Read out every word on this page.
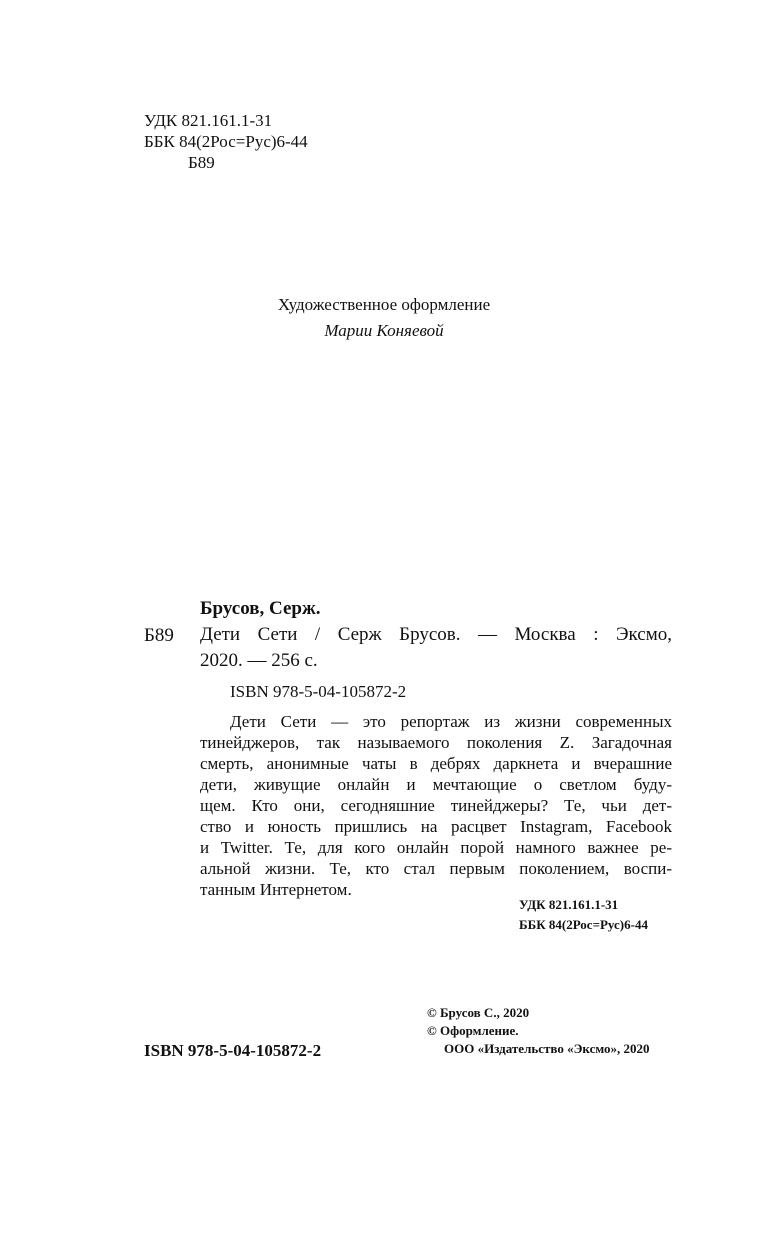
УДК 821.161.1-31
ББК 84(2Рос=Рус)6-44
Б89
Художественное оформление
Марии Коняевой
Брусов, Серж.
Б89 Дети Сети / Серж Брусов. — Москва : Эксмо,
2020. — 256 с.
ISBN 978-5-04-105872-2
Дети Сети — это репортаж из жизни современных
тинейджеров, так называемого поколения Z. Загадочная
смерть, анонимные чаты в дебрях даркнета и вчерашние
дети, живущие онлайн и мечтающие о светлом буду-
щем. Кто они, сегодняшние тинейджеры? Те, чьи дет-
ство и юность пришлись на расцвет Instagram, Facebook
и Twitter. Те, для кого онлайн порой намного важнее ре-
альной жизни. Те, кто стал первым поколением, воспи-
танным Интернетом.
УДК 821.161.1-31
ББК 84(2Рос=Рус)6-44
© Брусов С., 2020
© Оформление.
ООО «Издательство «Эксмо», 2020
ISBN 978-5-04-105872-2
